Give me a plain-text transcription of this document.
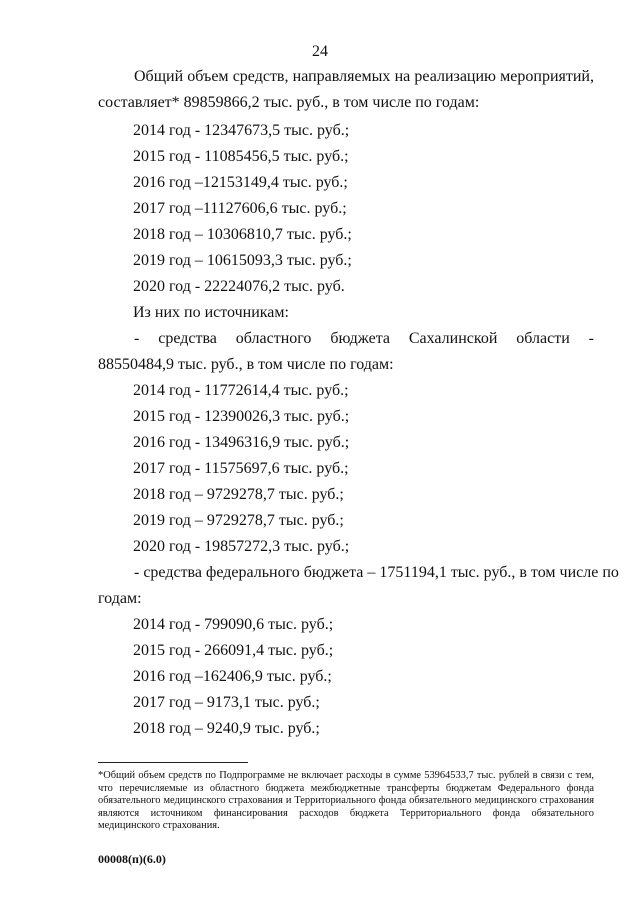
24
Общий объем средств, направляемых на реализацию мероприятий,
составляет* 89859866,2 тыс. руб., в том числе по годам:
2014 год - 12347673,5 тыс. руб.;
2015 год - 11085456,5 тыс. руб.;
2016 год –12153149,4 тыс. руб.;
2017 год –11127606,6 тыс. руб.;
2018 год – 10306810,7 тыс. руб.;
2019 год – 10615093,3 тыс. руб.;
2020 год - 22224076,2 тыс. руб.
Из них по источникам:
- средства областного бюджета Сахалинской области -
88550484,9 тыс. руб., в том числе по годам:
2014 год - 11772614,4 тыс. руб.;
2015 год - 12390026,3 тыс. руб.;
2016 год - 13496316,9 тыс. руб.;
2017 год - 11575697,6 тыс. руб.;
2018 год – 9729278,7 тыс. руб.;
2019 год – 9729278,7 тыс. руб.;
2020 год - 19857272,3 тыс. руб.;
- средства федерального бюджета – 1751194,1 тыс. руб., в том числе по
годам:
2014 год - 799090,6 тыс. руб.;
2015 год - 266091,4 тыс. руб.;
2016 год –162406,9 тыс. руб.;
2017 год – 9173,1 тыс. руб.;
2018 год – 9240,9 тыс. руб.;
*Общий объем средств по Подпрограмме не включает расходы в сумме 53964533,7 тыс. рублей в связи с тем, что перечисляемые из областного бюджета межбюджетные трансферты бюджетам Федерального фонда обязательного медицинского страхования и Территориального фонда обязательного медицинского страхования являются источником финансирования расходов бюджета Территориального фонда обязательного медицинского страхования.
00008(п)(6.0)
